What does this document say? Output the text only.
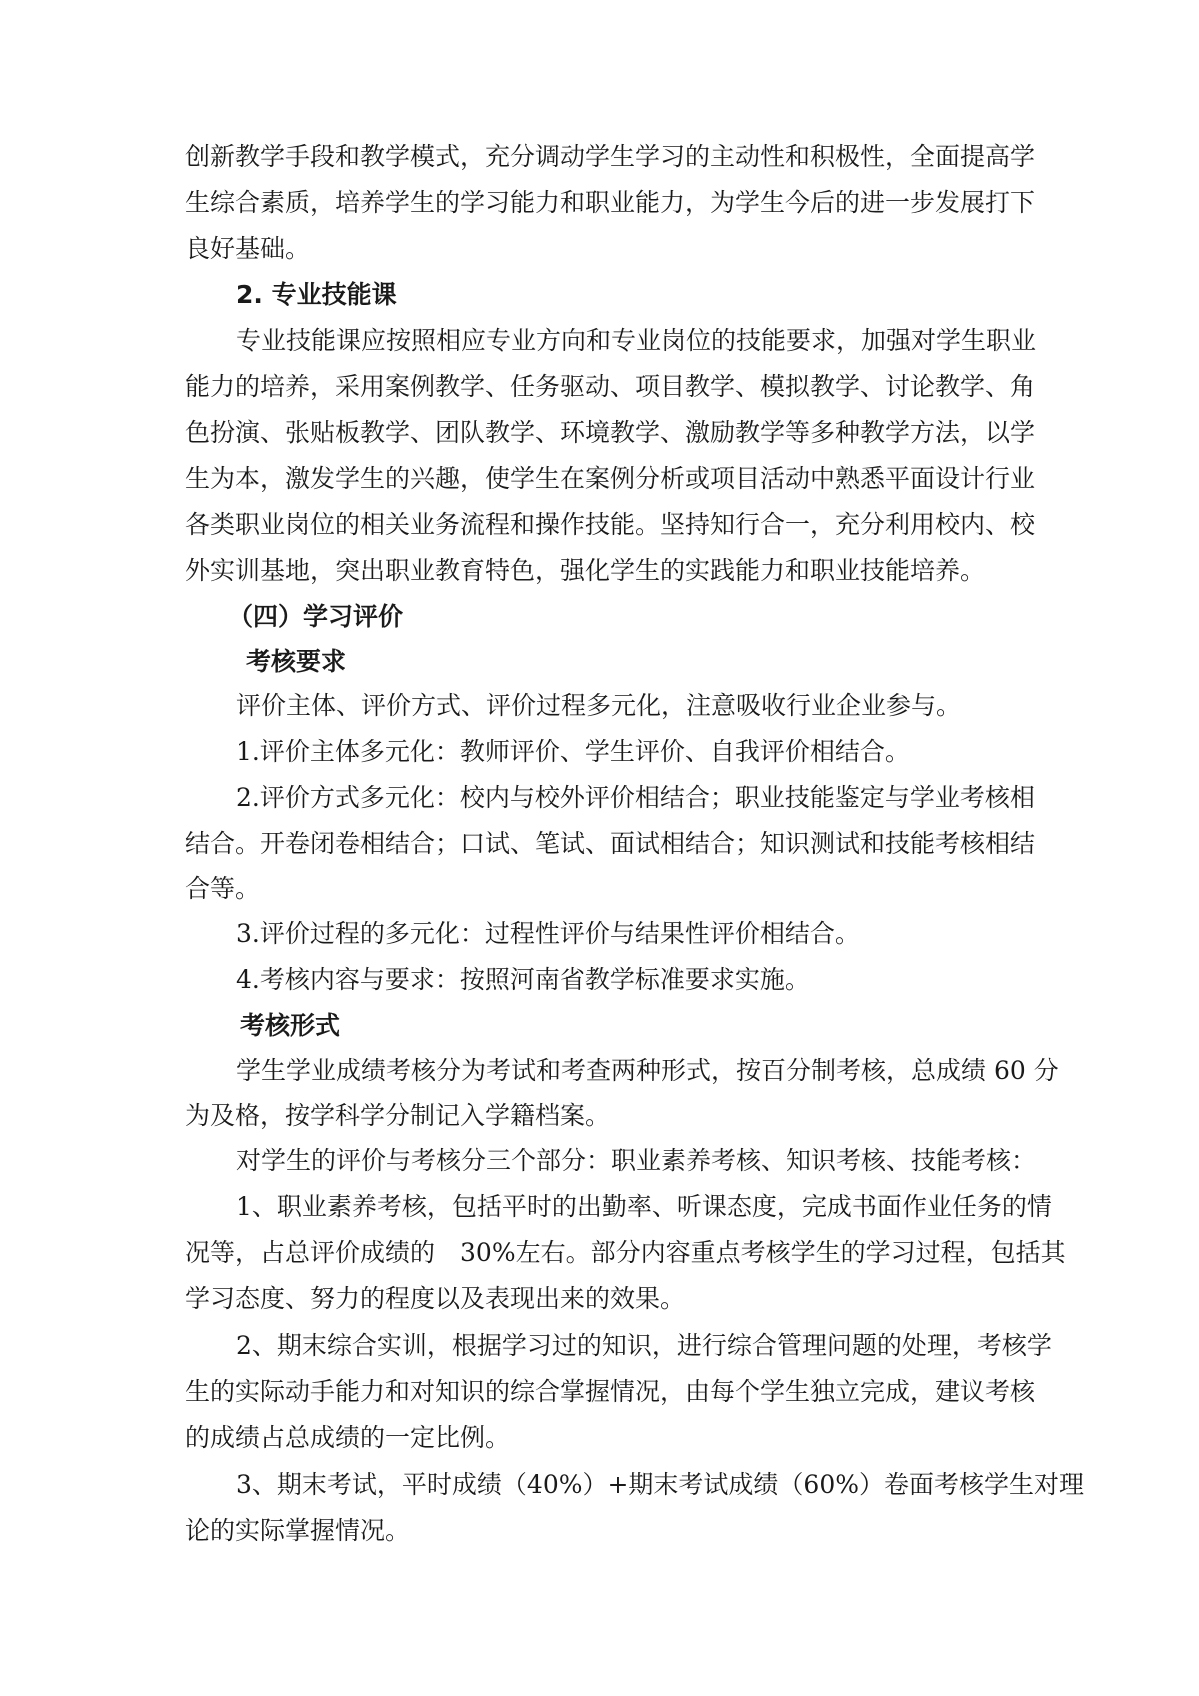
创新教学手段和教学模式，充分调动学生学习的主动性和积极性，全面提高学
生综合素质，培养学生的学习能力和职业能力，为学生今后的进一步发展打下
良好基础。
2. 专业技能课
专业技能课应按照相应专业方向和专业岗位的技能要求，加强对学生职业
能力的培养，采用案例教学、任务驱动、项目教学、模拟教学、讨论教学、角
色扮演、张贴板教学、团队教学、环境教学、激励教学等多种教学方法，以学
生为本，激发学生的兴趣，使学生在案例分析或项目活动中熟悉平面设计行业
各类职业岗位的相关业务流程和操作技能。坚持知行合一，充分利用校内、校
外实训基地，突出职业教育特色，强化学生的实践能力和职业技能培养。
（四）学习评价
考核要求
评价主体、评价方式、评价过程多元化，注意吸收行业企业参与。
1.评价主体多元化：教师评价、学生评价、自我评价相结合。
2.评价方式多元化：校内与校外评价相结合；职业技能鉴定与学业考核相
结合。开卷闭卷相结合；口试、笔试、面试相结合；知识测试和技能考核相结
合等。
3.评价过程的多元化：过程性评价与结果性评价相结合。
4.考核内容与要求：按照河南省教学标准要求实施。
考核形式
学生学业成绩考核分为考试和考查两种形式，按百分制考核，总成绩 60 分
为及格，按学科学分制记入学籍档案。
对学生的评价与考核分三个部分：职业素养考核、知识考核、技能考核：
1、职业素养考核，包括平时的出勤率、听课态度，完成书面作业任务的情
况等，占总评价成绩的　30%左右。部分内容重点考核学生的学习过程，包括其
学习态度、努力的程度以及表现出来的效果。
2、期末综合实训，根据学习过的知识，进行综合管理问题的处理，考核学
生的实际动手能力和对知识的综合掌握情况，由每个学生独立完成，建议考核
的成绩占总成绩的一定比例。
3、期末考试，平时成绩（40%）+期末考试成绩（60%）卷面考核学生对理
论的实际掌握情况。
